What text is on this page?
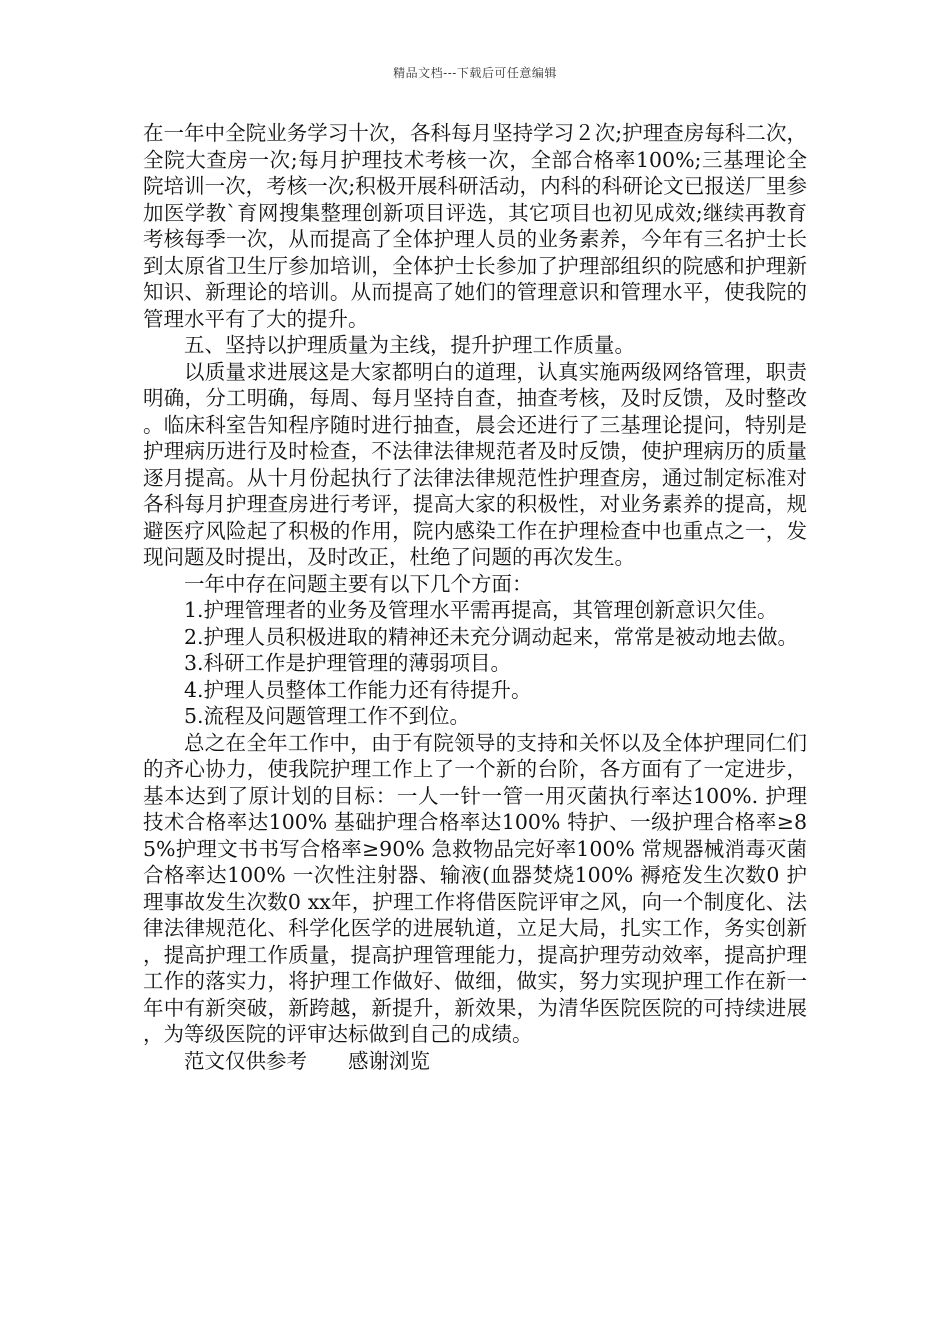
精品文档---下载后可任意编辑

在一年中全院业务学习十次，各科每月坚持学习２次;护理查房每科二次，全院大查房一次;每月护理技术考核一次，全部合格率100%;三基理论全院培训一次，考核一次;积极开展科研活动，内科的科研论文已报送厂里参加医学教`育网搜集整理创新项目评选，其它项目也初见成效;继续再教育考核每季一次，从而提高了全体护理人员的业务素养，今年有三名护士长到太原省卫生厅参加培训，全体护士长参加了护理部组织的院感和护理新知识、新理论的培训。从而提高了她们的管理意识和管理水平，使我院的管理水平有了大的提升。

五、坚持以护理质量为主线，提升护理工作质量。

以质量求进展这是大家都明白的道理，认真实施两级网络管理，职责明确，分工明确，每周、每月坚持自查，抽查考核，及时反馈，及时整改。临床科室告知程序随时进行抽查，晨会还进行了三基理论提问，特别是护理病历进行及时检查，不法律法律规范者及时反馈，使护理病历的质量逐月提高。从十月份起执行了法律法律规范性护理查房，通过制定标准对各科每月护理查房进行考评，提高大家的积极性，对业务素养的提高，规避医疗风险起了积极的作用，院内感染工作在护理检查中也重点之一，发现问题及时提出，及时改正，杜绝了问题的再次发生。

一年中存在问题主要有以下几个方面：

1.护理管理者的业务及管理水平需再提高，其管理创新意识欠佳。

2.护理人员积极进取的精神还未充分调动起来，常常是被动地去做。

3.科研工作是护理管理的薄弱项目。

4.护理人员整体工作能力还有待提升。

5.流程及问题管理工作不到位。

总之在全年工作中，由于有院领导的支持和关怀以及全体护理同仁们的齐心协力，使我院护理工作上了一个新的台阶，各方面有了一定进步，基本达到了原计划的目标：一人一针一管一用灭菌执行率达100%. 护理技术合格率达100% 基础护理合格率达100% 特护、一级护理合格率≥85%护理文书书写合格率≥90% 急救物品完好率100% 常规器械消毒灭菌合格率达100% 一次性注射器、输液(血器焚烧100% 褥疮发生次数0 护理事故发生次数0 xx年，护理工作将借医院评审之风，向一个制度化、法律法律规范化、科学化医学的进展轨道，立足大局，扎实工作，务实创新，提高护理工作质量，提高护理管理能力，提高护理劳动效率，提高护理工作的落实力，将护理工作做好、做细，做实，努力实现护理工作在新一年中有新突破，新跨越，新提升，新效果，为清华医院医院的可持续进展，为等级医院的评审达标做到自己的成绩。

范文仅供参考　　感谢浏览
